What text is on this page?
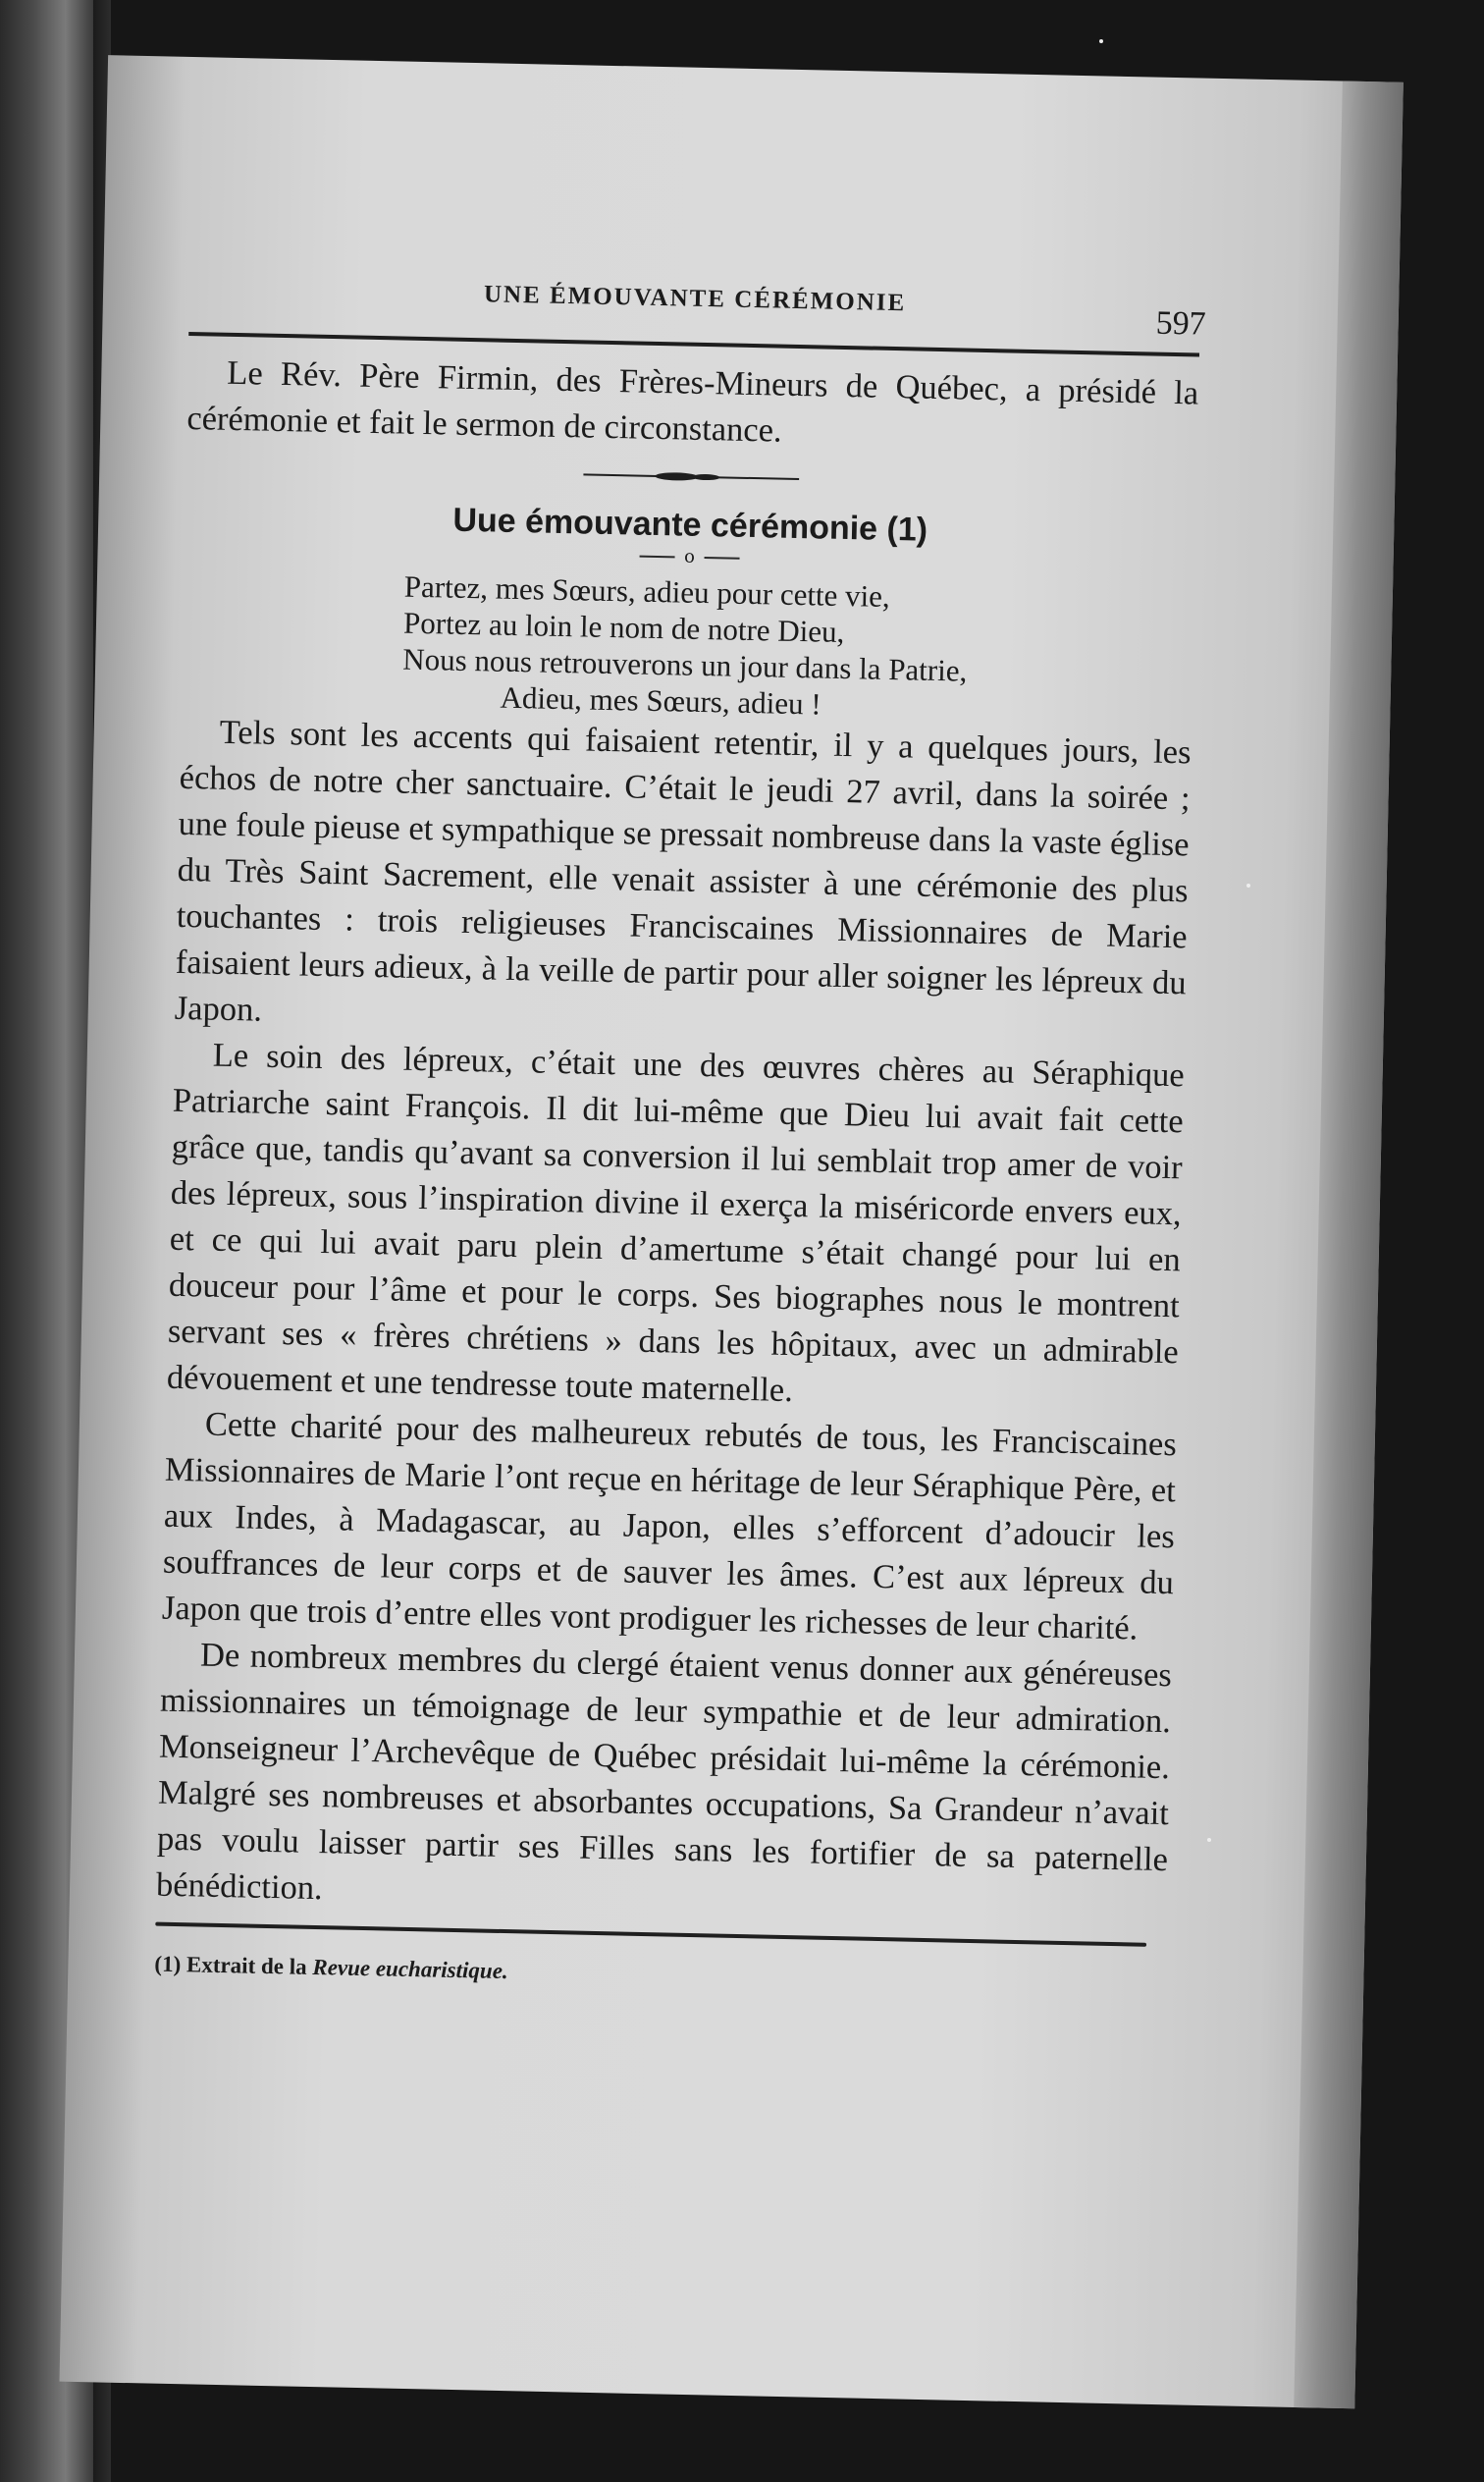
UNE ÉMOUVANTE CÉRÉMONIE
597

Le Rév. Père Firmin, des Frères-Mineurs de Québec, a présidé la cérémonie et fait le sermon de circonstance.

Uue émouvante cérémonie (1)
o
Partez, mes Sœurs, adieu pour cette vie,
Portez au loin le nom de notre Dieu,
Nous nous retrouverons un jour dans la Patrie,
Adieu, mes Sœurs, adieu !

Tels sont les accents qui faisaient retentir, il y a quelques jours, les échos de notre cher sanctuaire. C’était le jeudi 27 avril, dans la soirée ; une foule pieuse et sympathique se pressait nombreuse dans la vaste église du Très Saint Sacrement, elle venait assister à une cérémonie des plus touchantes : trois religieuses Franciscaines Missionnaires de Marie faisaient leurs adieux, à la veille de partir pour aller soigner les lépreux du Japon.

Le soin des lépreux, c’était une des œuvres chères au Séraphique Patriarche saint François. Il dit lui-même que Dieu lui avait fait cette grâce que, tandis qu’avant sa conversion il lui semblait trop amer de voir des lépreux, sous l’inspiration divine il exerça la miséricorde envers eux, et ce qui lui avait paru plein d’amertume s’était changé pour lui en douceur pour l’âme et pour le corps. Ses biographes nous le montrent servant ses « frères chrétiens » dans les hôpitaux, avec un admirable dévouement et une tendresse toute maternelle.

Cette charité pour des malheureux rebutés de tous, les Franciscaines Missionnaires de Marie l’ont reçue en héritage de leur Séraphique Père, et aux Indes, à Madagascar, au Japon, elles s’efforcent d’adoucir les souffrances de leur corps et de sauver les âmes. C’est aux lépreux du Japon que trois d’entre elles vont prodiguer les richesses de leur charité.

De nombreux membres du clergé étaient venus donner aux généreuses missionnaires un témoignage de leur sympathie et de leur admiration. Monseigneur l’Archevêque de Québec présidait lui-même la cérémonie. Malgré ses nombreuses et absorbantes occupations, Sa Grandeur n’avait pas voulu laisser partir ses Filles sans les fortifier de sa paternelle bénédiction.

(1) Extrait de la Revue eucharistique.
